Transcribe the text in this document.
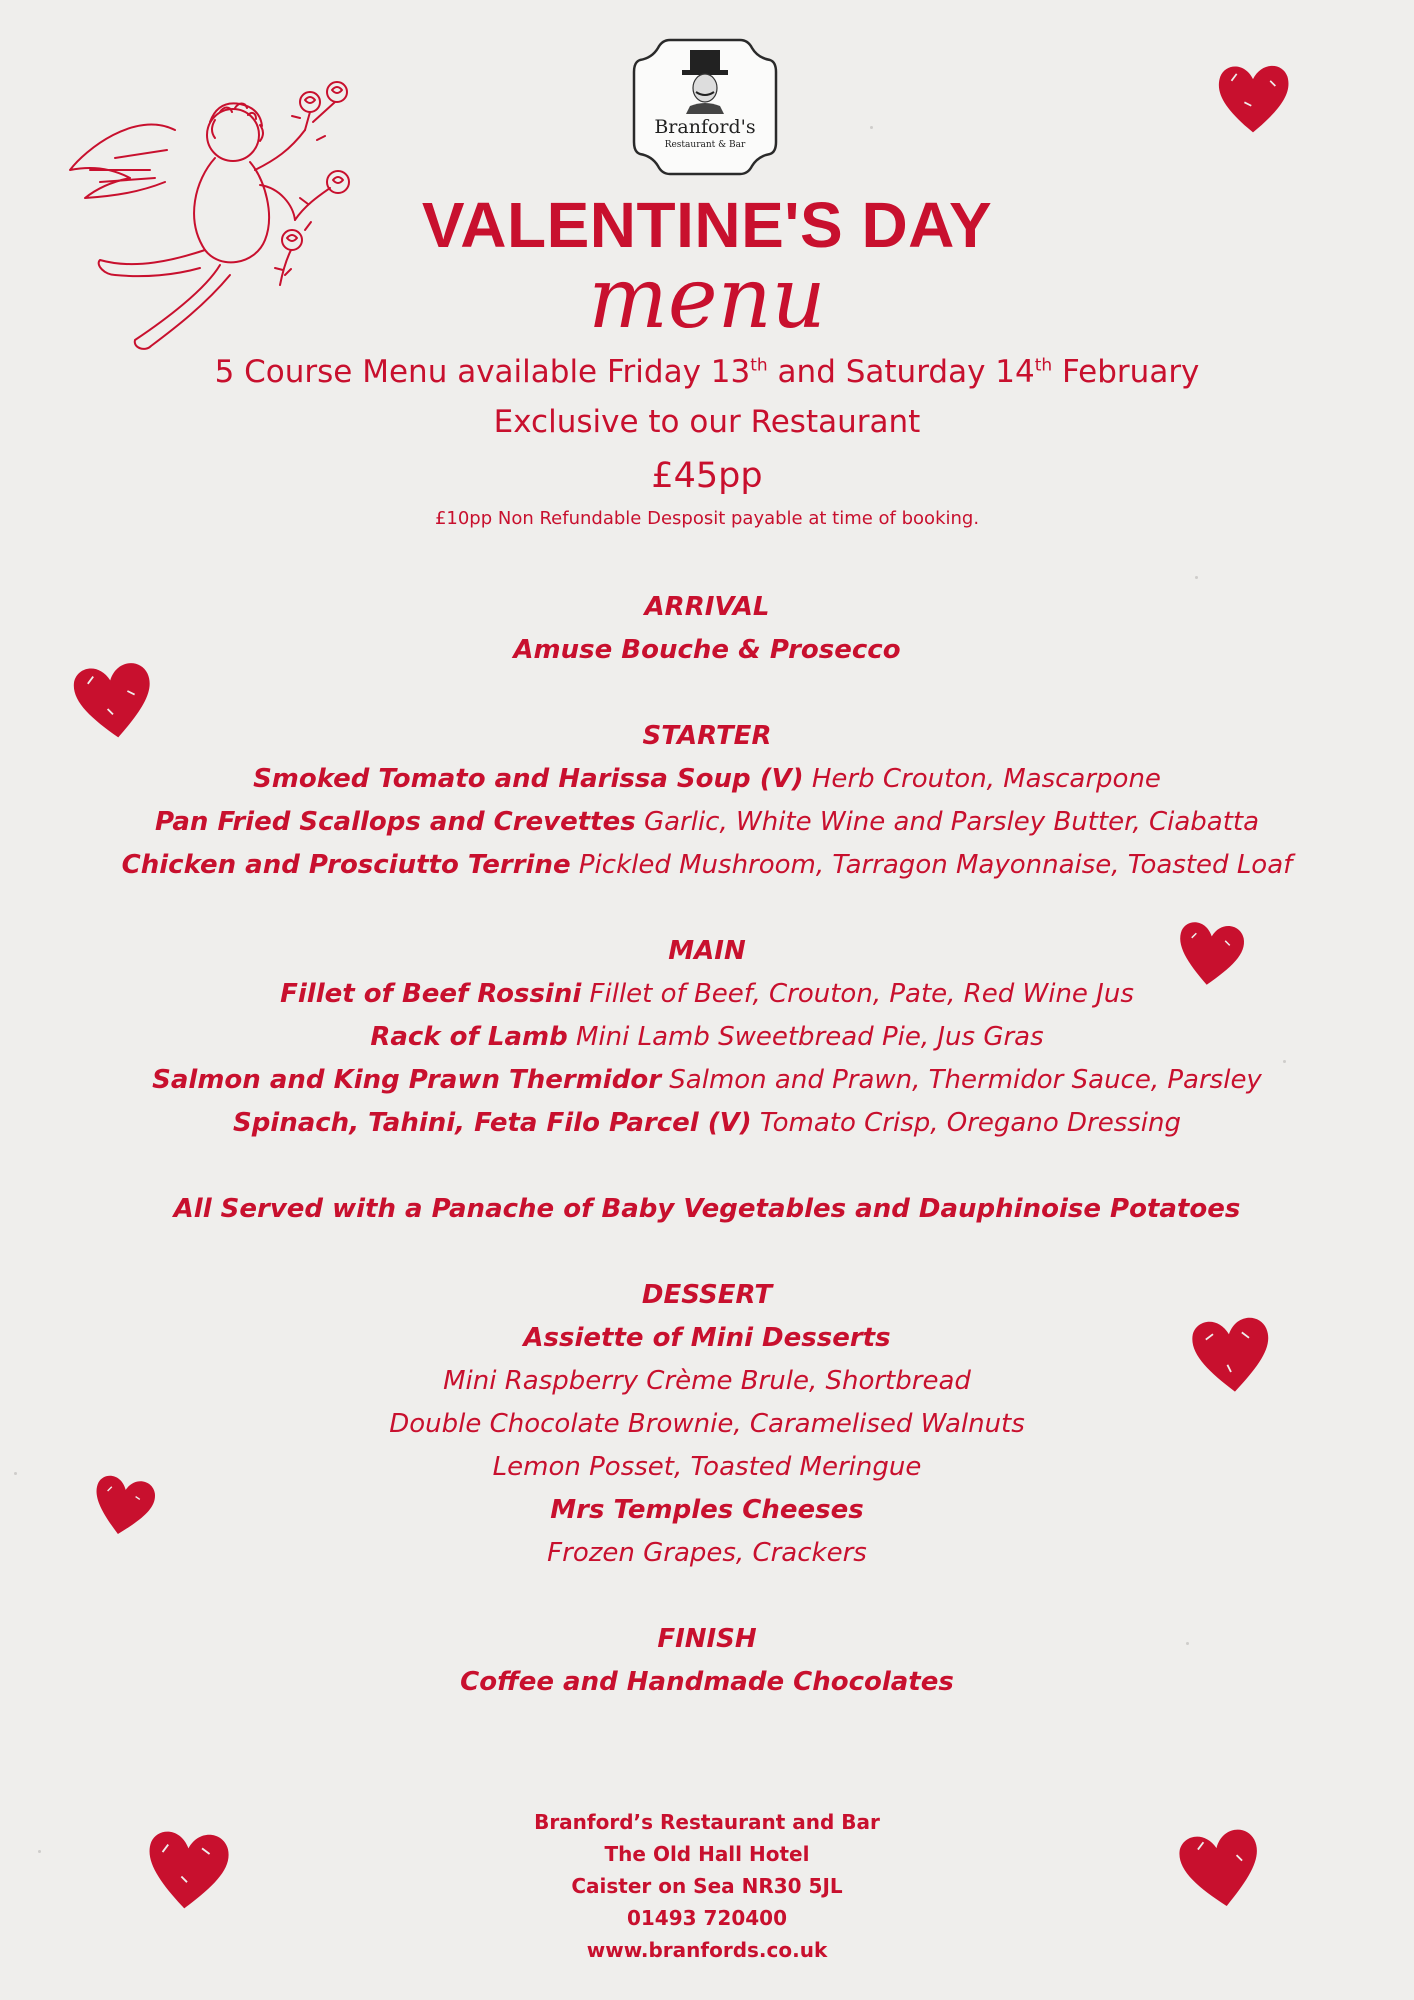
Branford's
Restaurant & Bar
VALENTINE'S DAY
menu
5 Course Menu available Friday 13th and Saturday 14th February
Exclusive to our Restaurant
£45pp
£10pp Non Refundable Desposit payable at time of booking.
ARRIVAL
Amuse Bouche & Prosecco
STARTER
Smoked Tomato and Harissa Soup (V) Herb Crouton, Mascarpone
Pan Fried Scallops and Crevettes Garlic, White Wine and Parsley Butter, Ciabatta
Chicken and Prosciutto Terrine Pickled Mushroom, Tarragon Mayonnaise, Toasted Loaf
MAIN
Fillet of Beef Rossini Fillet of Beef, Crouton, Pate, Red Wine Jus
Rack of Lamb Mini Lamb Sweetbread Pie, Jus Gras
Salmon and King Prawn Thermidor Salmon and Prawn, Thermidor Sauce, Parsley
Spinach, Tahini, Feta Filo Parcel (V) Tomato Crisp, Oregano Dressing
All Served with a Panache of Baby Vegetables and Dauphinoise Potatoes
DESSERT
Assiette of Mini Desserts
Mini Raspberry Crème Brule, Shortbread
Double Chocolate Brownie, Caramelised Walnuts
Lemon Posset, Toasted Meringue
Mrs Temples Cheeses
Frozen Grapes, Crackers
FINISH
Coffee and Handmade Chocolates
Branford’s Restaurant and Bar
The Old Hall Hotel
Caister on Sea NR30 5JL
01493 720400
www.branfords.co.uk
